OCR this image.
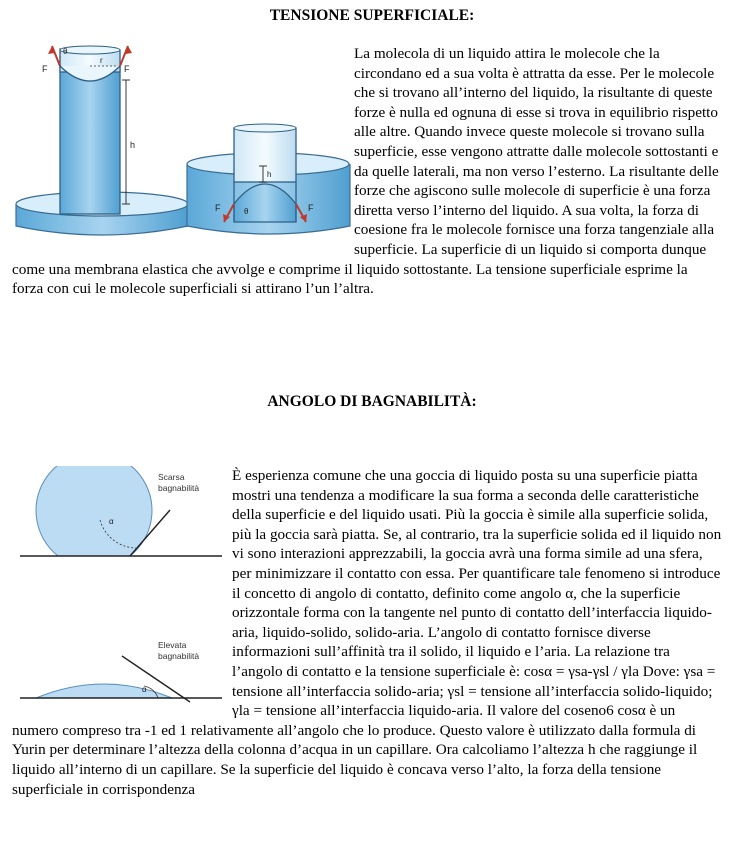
TENSIONE SUPERFICIALE:
r
h
F	F
θ
h
F	F
θ

La molecola di un liquido attira le molecole che la circondano ed a sua volta è attratta da esse. Per le molecole che si trovano all’interno del liquido, la risultante di queste forze è nulla ed ognuna di esse si trova in equilibrio rispetto alle altre. Quando invece queste molecole si trovano sulla superficie, esse vengono attratte dalle molecole sottostanti e da quelle laterali, ma non verso l’esterno. La risultante delle forze che agiscono sulle molecole di superficie è una forza diretta verso l’interno del liquido. A sua volta, la forza di coesione fra le molecole fornisce una forza tangenziale alla superficie. La superficie di un liquido si comporta dunque come una membrana elastica che avvolge e comprime il liquido sottostante. La tensione superficiale esprime la forza con cui le molecole superficiali si attirano l’un l’altra.

ANGOLO DI BAGNABILITÀ:
α
Scarsa
bagnabilità
α
Elevata
bagnabilità

È esperienza comune che una goccia di liquido posta su una superficie piatta mostri una tendenza a modificare la sua forma a seconda delle caratteristiche della superficie e del liquido usati. Più la goccia è simile alla superficie solida, più la goccia sarà piatta. Se, al contrario, tra la superficie solida ed il liquido non vi sono interazioni apprezzabili, la goccia avrà una forma simile ad una sfera, per minimizzare il contatto con essa. Per quantificare tale fenomeno si introduce il concetto di angolo di contatto, definito come angolo α, che la superficie orizzontale forma con la tangente nel punto di contatto dell’interfaccia liquido-aria, liquido-solido, solido-aria. L’angolo di contatto fornisce diverse informazioni sull’affinità tra il solido, il liquido e l’aria. La relazione tra l’angolo di contatto e la tensione superficiale è: cosα = γsa-γsl / γla Dove: γsa = tensione all’interfaccia solido-aria; γsl = tensione all’interfaccia solido-liquido; γla = tensione all’interfaccia liquido-aria. Il valore del coseno6 cosα è un numero compreso tra -1 ed 1 relativamente all’angolo che lo produce. Questo valore è utilizzato dalla formula di Yurin per determinare l’altezza della colonna d’acqua in un capillare. Ora calcoliamo l’altezza h che raggiunge il liquido all’interno di un capillare. Se la superficie del liquido è concava verso l’alto, la forza della tensione superficiale in corrispondenza
